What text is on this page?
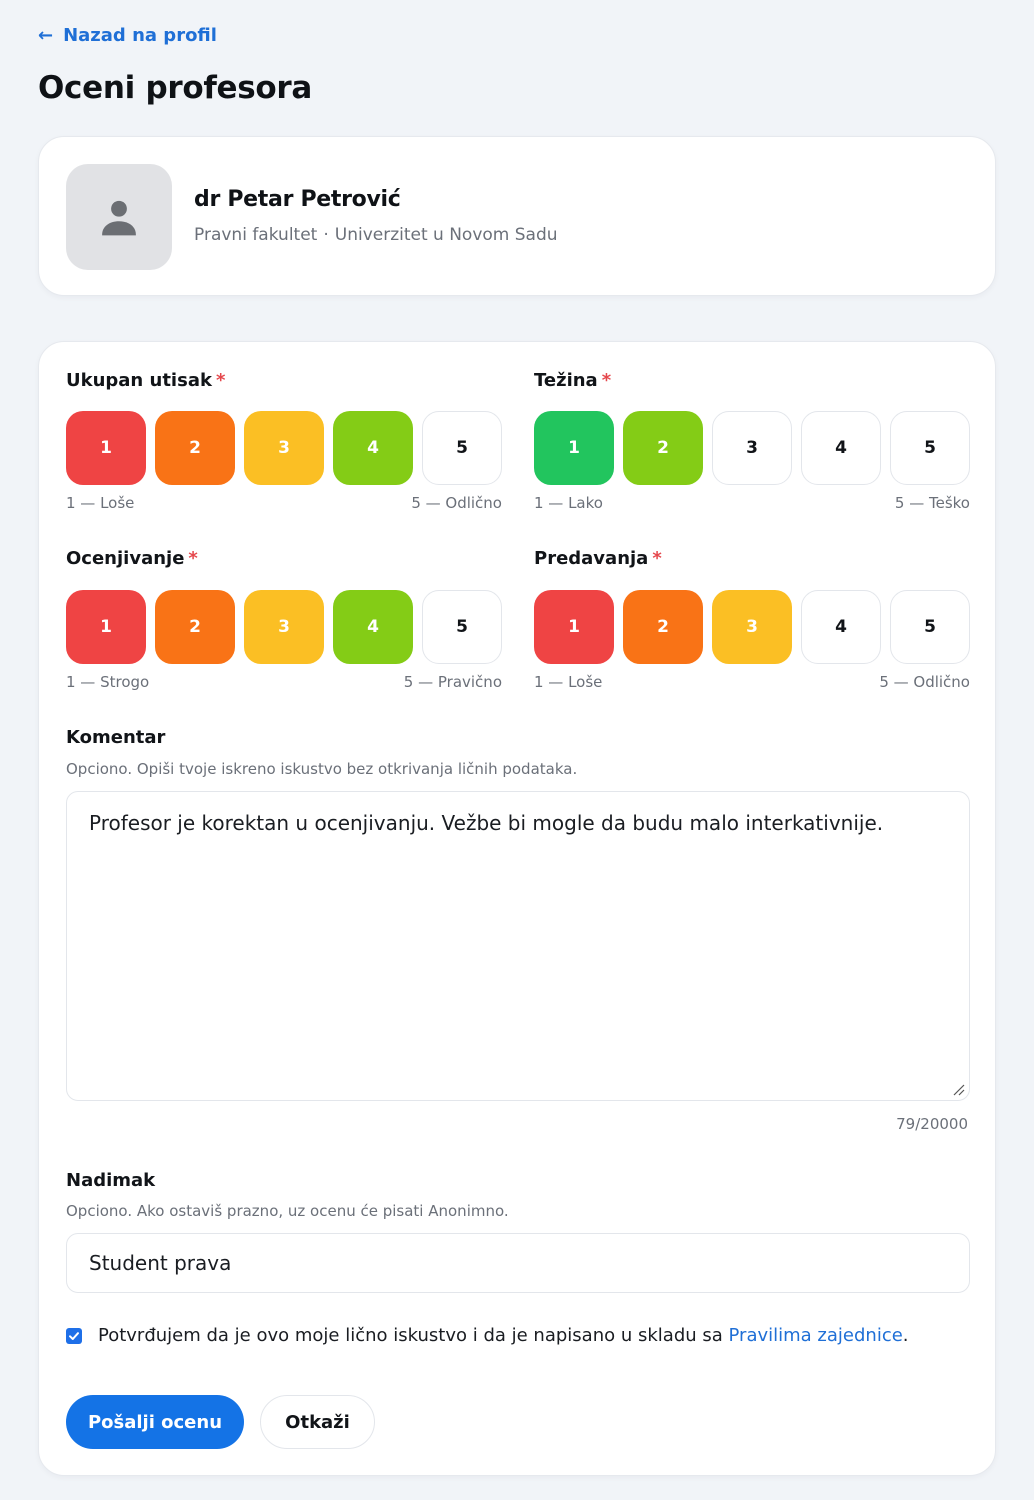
← Nazad na profil
Oceni profesora
dr Petar Petrović
Pravni fakultet · Univerzitet u Novom Sadu
Ukupan utisak *
1	2	3	4	5
1 — Loše	5 — Odlično
Težina *
1	2	3	4	5
1 — Lako	5 — Teško
Ocenjivanje *
1	2	3	4	5
1 — Strogo	5 — Pravično
Predavanja *
1	2	3	4	5
1 — Loše	5 — Odlično
Komentar
Opciono. Opiši tvoje iskreno iskustvo bez otkrivanja ličnih podataka.
Profesor je korektan u ocenjivanju. Vežbe bi mogle da budu malo interkativnije.
79/20000
Nadimak
Opciono. Ako ostaviš prazno, uz ocenu će pisati Anonimno.
Student prava
Potvrđujem da je ovo moje lično iskustvo i da je napisano u skladu sa Pravilima zajednice.
Pošalji ocenu	Otkaži
